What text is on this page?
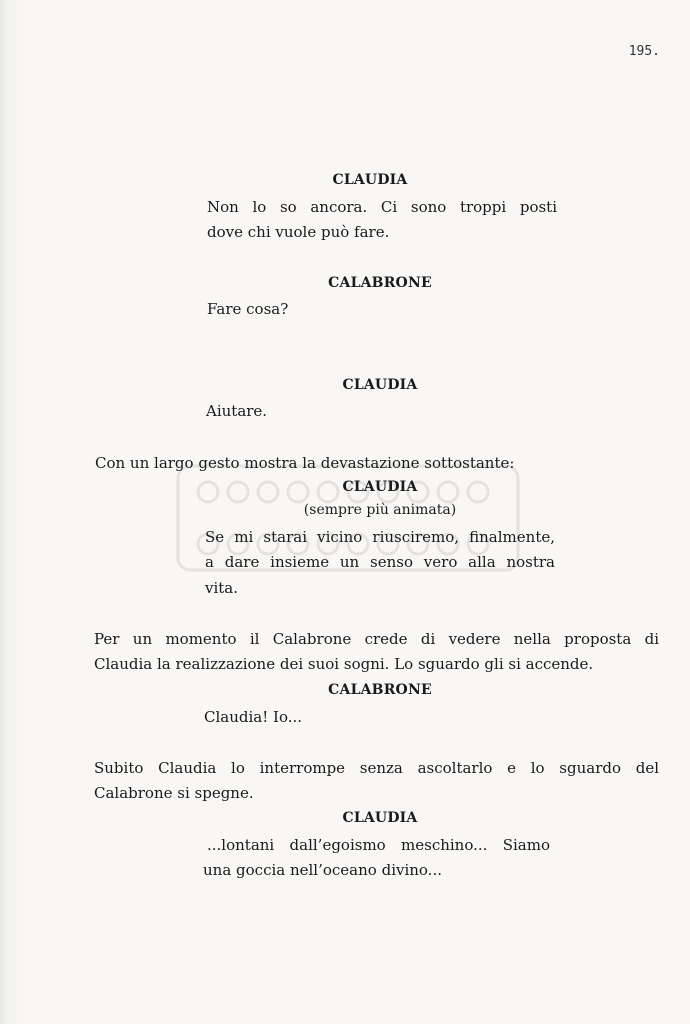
195.
CLAUDIA
Non lo so ancora. Ci sono troppi posti
dove chi vuole può fare.
CALABRONE
Fare cosa?
CLAUDIA
Aiutare.
Con un largo gesto mostra la devastazione sottostante:
CLAUDIA
(sempre più animata)
Se mi starai vicino riusciremo, finalmente,
a dare insieme un senso vero alla nostra
vita.
Per un momento il Calabrone crede di vedere nella proposta di
Claudia la realizzazione dei suoi sogni. Lo sguardo gli si accende.
CALABRONE
Claudia! Io...
Subito Claudia lo interrompe senza ascoltarlo e lo sguardo del
Calabrone si spegne.
CLAUDIA
...lontani dall’egoismo meschino... Siamo
una goccia nell’oceano divino...
